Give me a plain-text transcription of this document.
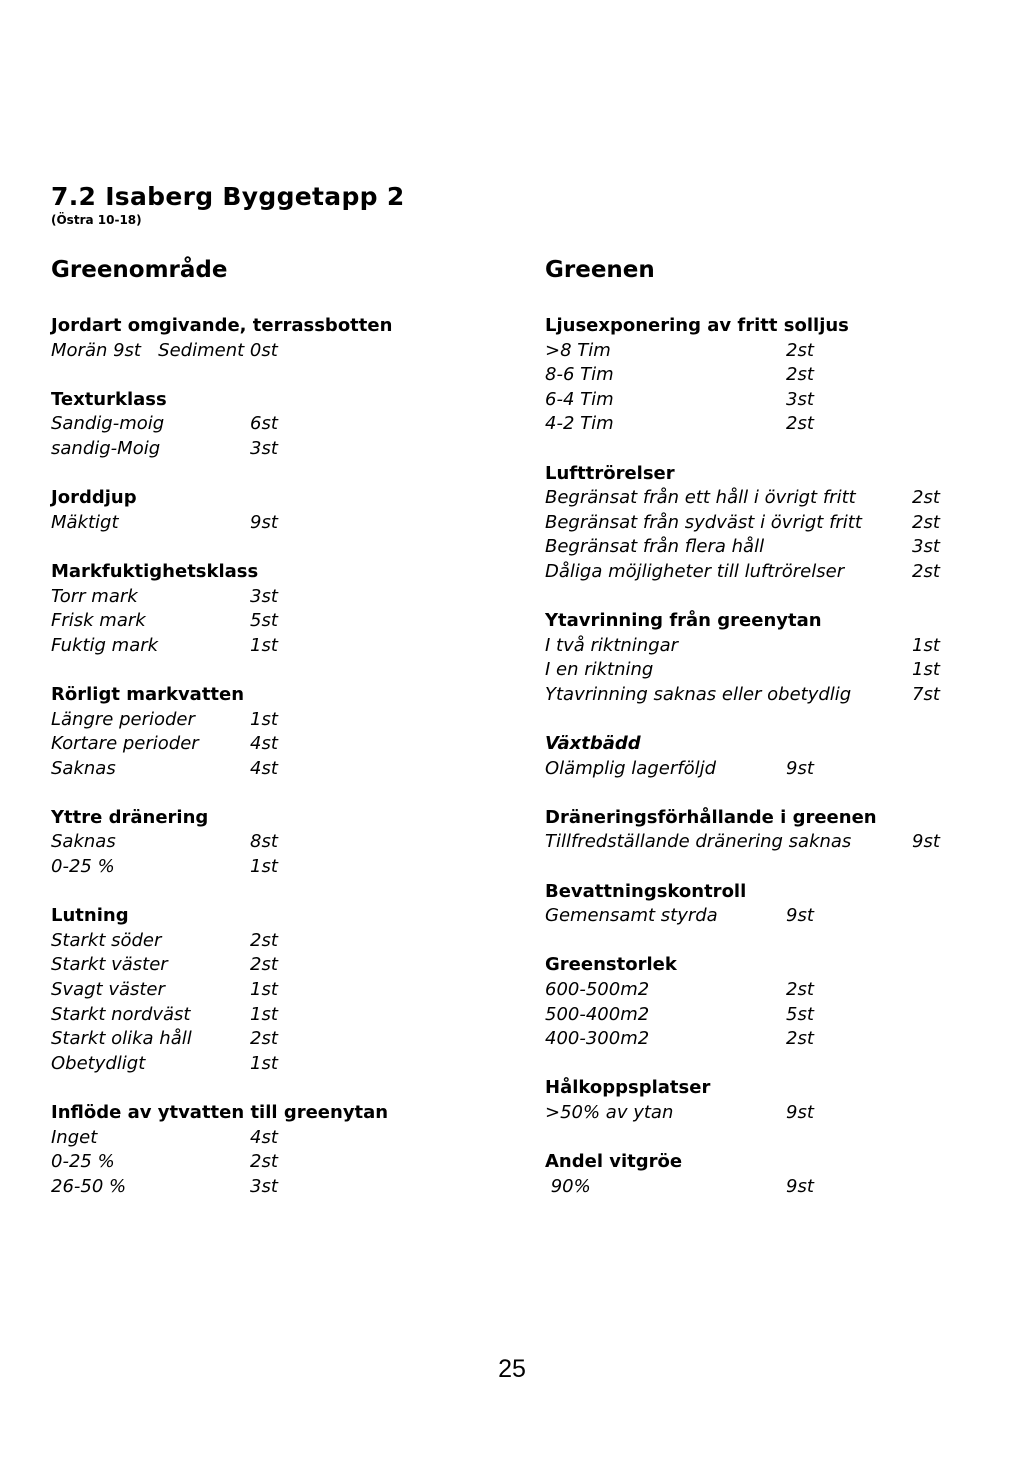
7.2 Isaberg Byggetapp 2
(Östra 10-18)
Greenområde	Greenen
Jordart omgivande, terrassbotten
Morän 9st   Sediment 0st
Texturklass
Sandig-moig	6st
sandig-Moig	3st
Jorddjup
Mäktigt	9st
Markfuktighetsklass
Torr mark	3st
Frisk mark	5st
Fuktig mark	1st
Rörligt markvatten
Längre perioder	1st
Kortare perioder	4st
Saknas	4st
Yttre dränering
Saknas	8st
0-25 %	1st
Lutning
Starkt söder	2st
Starkt väster	2st
Svagt väster	1st
Starkt nordväst	1st
Starkt olika håll	2st
Obetydligt	1st
Inflöde av ytvatten till greenytan
Inget	4st
0-25 %	2st
26-50 %	3st
Ljusexponering av fritt solljus
>8 Tim	2st
8-6 Tim	2st
6-4 Tim	3st
4-2 Tim	2st
Lufttrörelser
Begränsat från ett håll i övrigt fritt	2st
Begränsat från sydväst i övrigt fritt	2st
Begränsat från flera håll	3st
Dåliga möjligheter till luftrörelser	2st
Ytavrinning från greenytan
I två riktningar	1st
I en riktning	1st
Ytavrinning saknas eller obetydlig	7st
Växtbädd
Olämplig lagerföljd	9st
Dräneringsförhållande i greenen
Tillfredställande dränering saknas	9st
Bevattningskontroll
Gemensamt styrda	9st
Greenstorlek
600-500m2	2st
500-400m2	5st
400-300m2	2st
Hålkoppsplatser
>50% av ytan	9st
Andel vitgröe
90%	9st
25
